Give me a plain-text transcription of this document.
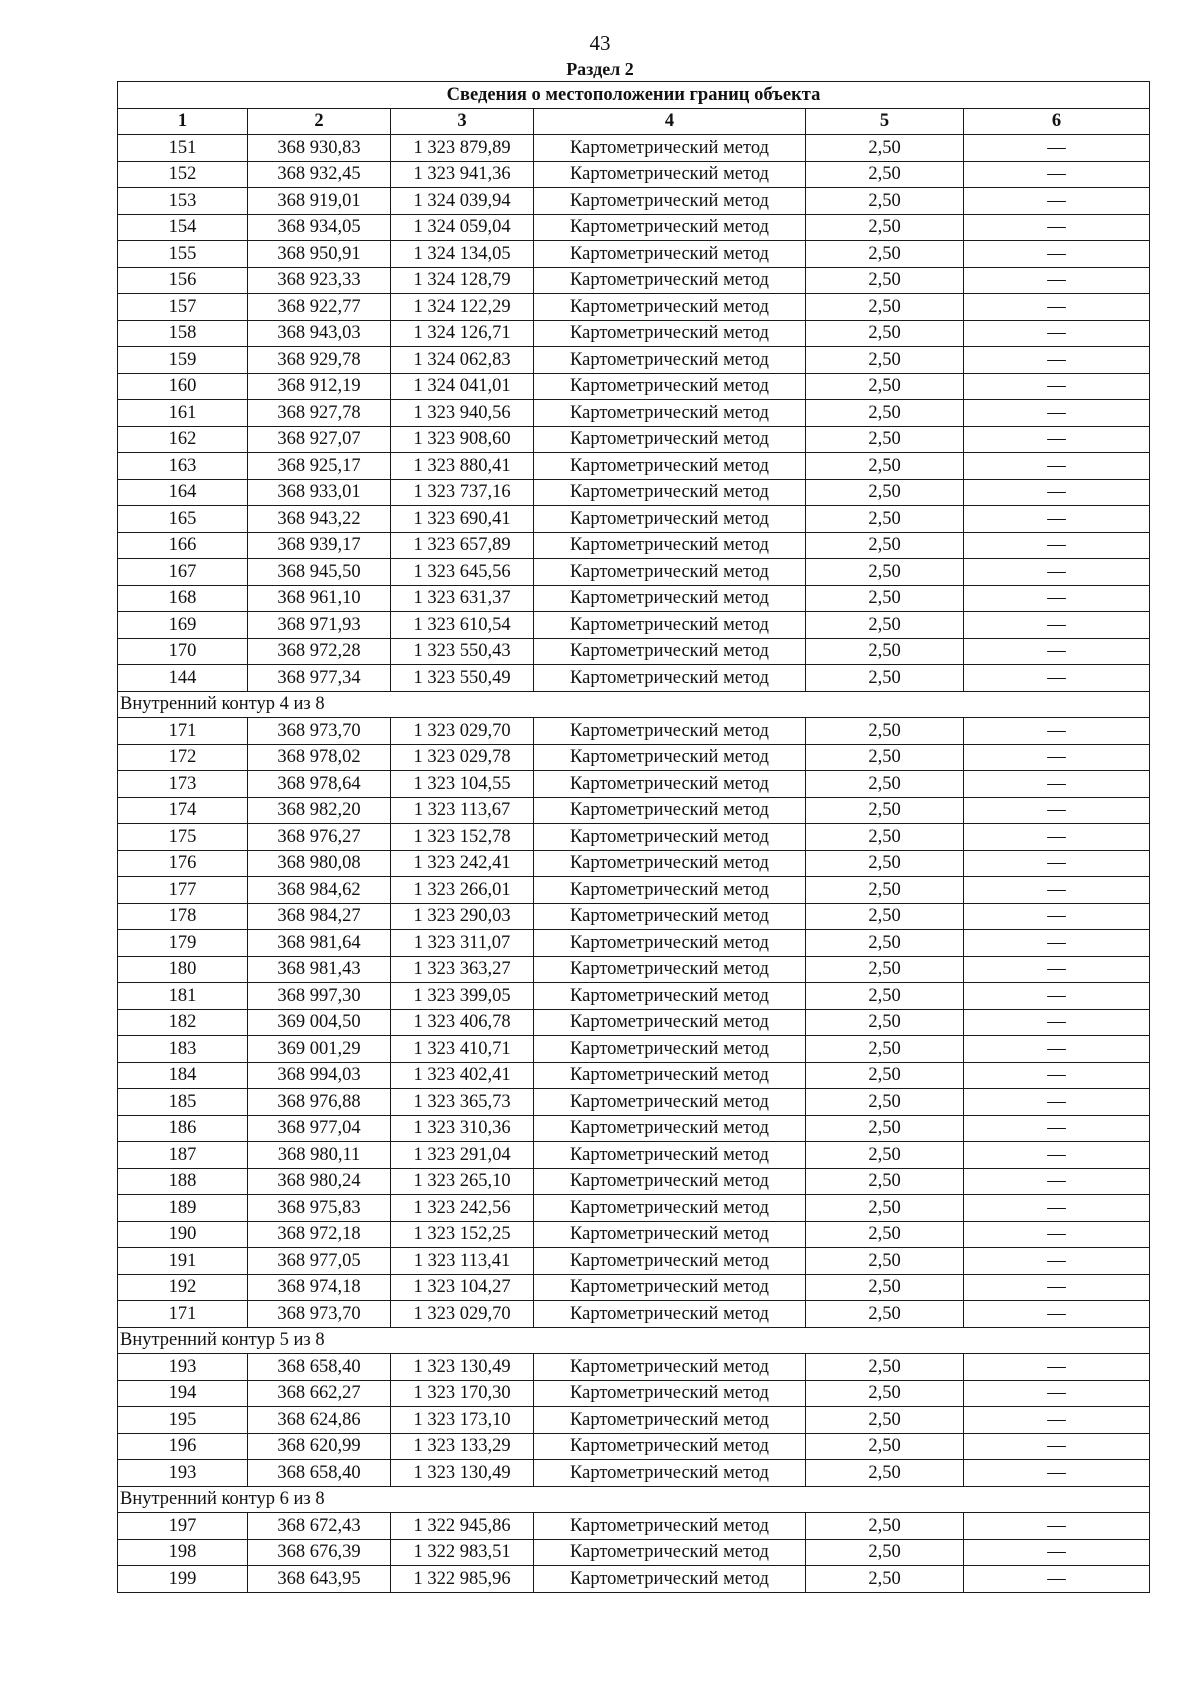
43
Раздел 2
Сведения о местоположении границ объекта					
1	2	3	4	5	6
151	368 930,83	1 323 879,89	Картометрический метод	2,50	—
152	368 932,45	1 323 941,36	Картометрический метод	2,50	—
153	368 919,01	1 324 039,94	Картометрический метод	2,50	—
154	368 934,05	1 324 059,04	Картометрический метод	2,50	—
155	368 950,91	1 324 134,05	Картометрический метод	2,50	—
156	368 923,33	1 324 128,79	Картометрический метод	2,50	—
157	368 922,77	1 324 122,29	Картометрический метод	2,50	—
158	368 943,03	1 324 126,71	Картометрический метод	2,50	—
159	368 929,78	1 324 062,83	Картометрический метод	2,50	—
160	368 912,19	1 324 041,01	Картометрический метод	2,50	—
161	368 927,78	1 323 940,56	Картометрический метод	2,50	—
162	368 927,07	1 323 908,60	Картометрический метод	2,50	—
163	368 925,17	1 323 880,41	Картометрический метод	2,50	—
164	368 933,01	1 323 737,16	Картометрический метод	2,50	—
165	368 943,22	1 323 690,41	Картометрический метод	2,50	—
166	368 939,17	1 323 657,89	Картометрический метод	2,50	—
167	368 945,50	1 323 645,56	Картометрический метод	2,50	—
168	368 961,10	1 323 631,37	Картометрический метод	2,50	—
169	368 971,93	1 323 610,54	Картометрический метод	2,50	—
170	368 972,28	1 323 550,43	Картометрический метод	2,50	—
144	368 977,34	1 323 550,49	Картометрический метод	2,50	—
Внутренний контур 4 из 8					
171	368 973,70	1 323 029,70	Картометрический метод	2,50	—
172	368 978,02	1 323 029,78	Картометрический метод	2,50	—
173	368 978,64	1 323 104,55	Картометрический метод	2,50	—
174	368 982,20	1 323 113,67	Картометрический метод	2,50	—
175	368 976,27	1 323 152,78	Картометрический метод	2,50	—
176	368 980,08	1 323 242,41	Картометрический метод	2,50	—
177	368 984,62	1 323 266,01	Картометрический метод	2,50	—
178	368 984,27	1 323 290,03	Картометрический метод	2,50	—
179	368 981,64	1 323 311,07	Картометрический метод	2,50	—
180	368 981,43	1 323 363,27	Картометрический метод	2,50	—
181	368 997,30	1 323 399,05	Картометрический метод	2,50	—
182	369 004,50	1 323 406,78	Картометрический метод	2,50	—
183	369 001,29	1 323 410,71	Картометрический метод	2,50	—
184	368 994,03	1 323 402,41	Картометрический метод	2,50	—
185	368 976,88	1 323 365,73	Картометрический метод	2,50	—
186	368 977,04	1 323 310,36	Картометрический метод	2,50	—
187	368 980,11	1 323 291,04	Картометрический метод	2,50	—
188	368 980,24	1 323 265,10	Картометрический метод	2,50	—
189	368 975,83	1 323 242,56	Картометрический метод	2,50	—
190	368 972,18	1 323 152,25	Картометрический метод	2,50	—
191	368 977,05	1 323 113,41	Картометрический метод	2,50	—
192	368 974,18	1 323 104,27	Картометрический метод	2,50	—
171	368 973,70	1 323 029,70	Картометрический метод	2,50	—
Внутренний контур 5 из 8					
193	368 658,40	1 323 130,49	Картометрический метод	2,50	—
194	368 662,27	1 323 170,30	Картометрический метод	2,50	—
195	368 624,86	1 323 173,10	Картометрический метод	2,50	—
196	368 620,99	1 323 133,29	Картометрический метод	2,50	—
193	368 658,40	1 323 130,49	Картометрический метод	2,50	—
Внутренний контур 6 из 8					
197	368 672,43	1 322 945,86	Картометрический метод	2,50	—
198	368 676,39	1 322 983,51	Картометрический метод	2,50	—
199	368 643,95	1 322 985,96	Картометрический метод	2,50	—
